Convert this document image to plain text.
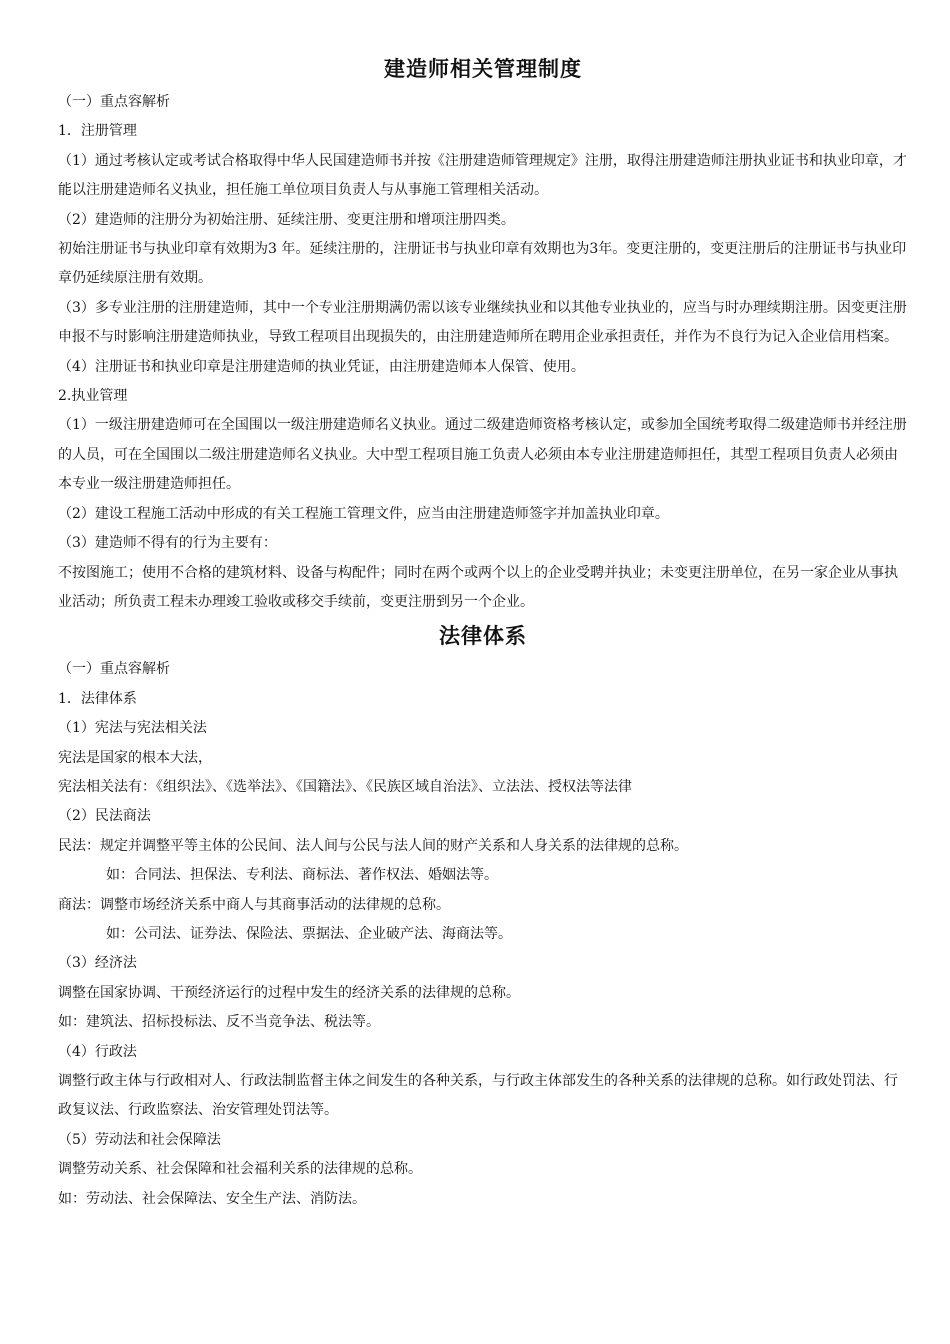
建造师相关管理制度

（一）重点容解析

1．注册管理

（1）通过考核认定或考试合格取得中华人民国建造师书并按《注册建造师管理规定》注册，取得注册建造师注册执业证书和执业印章，才能以注册建造师名义执业，担任施工单位项目负责人与从事施工管理相关活动。

（2）建造师的注册分为初始注册、延续注册、变更注册和增项注册四类。

初始注册证书与执业印章有效期为3 年。延续注册的，注册证书与执业印章有效期也为3年。变更注册的，变更注册后的注册证书与执业印章仍延续原注册有效期。

（3）多专业注册的注册建造师，其中一个专业注册期满仍需以该专业继续执业和以其他专业执业的，应当与时办理续期注册。因变更注册申报不与时影响注册建造师执业，导致工程项目出现损失的，由注册建造师所在聘用企业承担责任，并作为不良行为记入企业信用档案。

（4）注册证书和执业印章是注册建造师的执业凭证，由注册建造师本人保管、使用。

2.执业管理

（1）一级注册建造师可在全国围以一级注册建造师名义执业。通过二级建造师资格考核认定，或参加全国统考取得二级建造师书并经注册的人员，可在全国围以二级注册建造师名义执业。大中型工程项目施工负责人必须由本专业注册建造师担任，其型工程项目负责人必须由本专业一级注册建造师担任。

（2）建设工程施工活动中形成的有关工程施工管理文件，应当由注册建造师签字并加盖执业印章。

（3）建造师不得有的行为主要有：

不按图施工；使用不合格的建筑材料、设备与构配件；同时在两个或两个以上的企业受聘并执业；未变更注册单位，在另一家企业从事执业活动；所负责工程未办理竣工验收或移交手续前，变更注册到另一个企业。

法律体系

（一）重点容解析

1．法律体系

（1）宪法与宪法相关法

宪法是国家的根本大法，

宪法相关法有：《组织法》、《选举法》、《国籍法》、《民族区域自治法》、立法法、授权法等法律

（2）民法商法

民法：规定并调整平等主体的公民间、法人间与公民与法人间的财产关系和人身关系的法律规的总称。

如：合同法、担保法、专利法、商标法、著作权法、婚姻法等。

商法：调整市场经济关系中商人与其商事活动的法律规的总称。

如：公司法、证券法、保险法、票据法、企业破产法、海商法等。

（3）经济法

调整在国家协调、干预经济运行的过程中发生的经济关系的法律规的总称。

如：建筑法、招标投标法、反不当竞争法、税法等。

（4）行政法

调整行政主体与行政相对人、行政法制监督主体之间发生的各种关系，与行政主体部发生的各种关系的法律规的总称。如行政处罚法、行政复议法、行政监察法、治安管理处罚法等。

（5）劳动法和社会保障法

调整劳动关系、社会保障和社会福利关系的法律规的总称。

如：劳动法、社会保障法、安全生产法、消防法。
